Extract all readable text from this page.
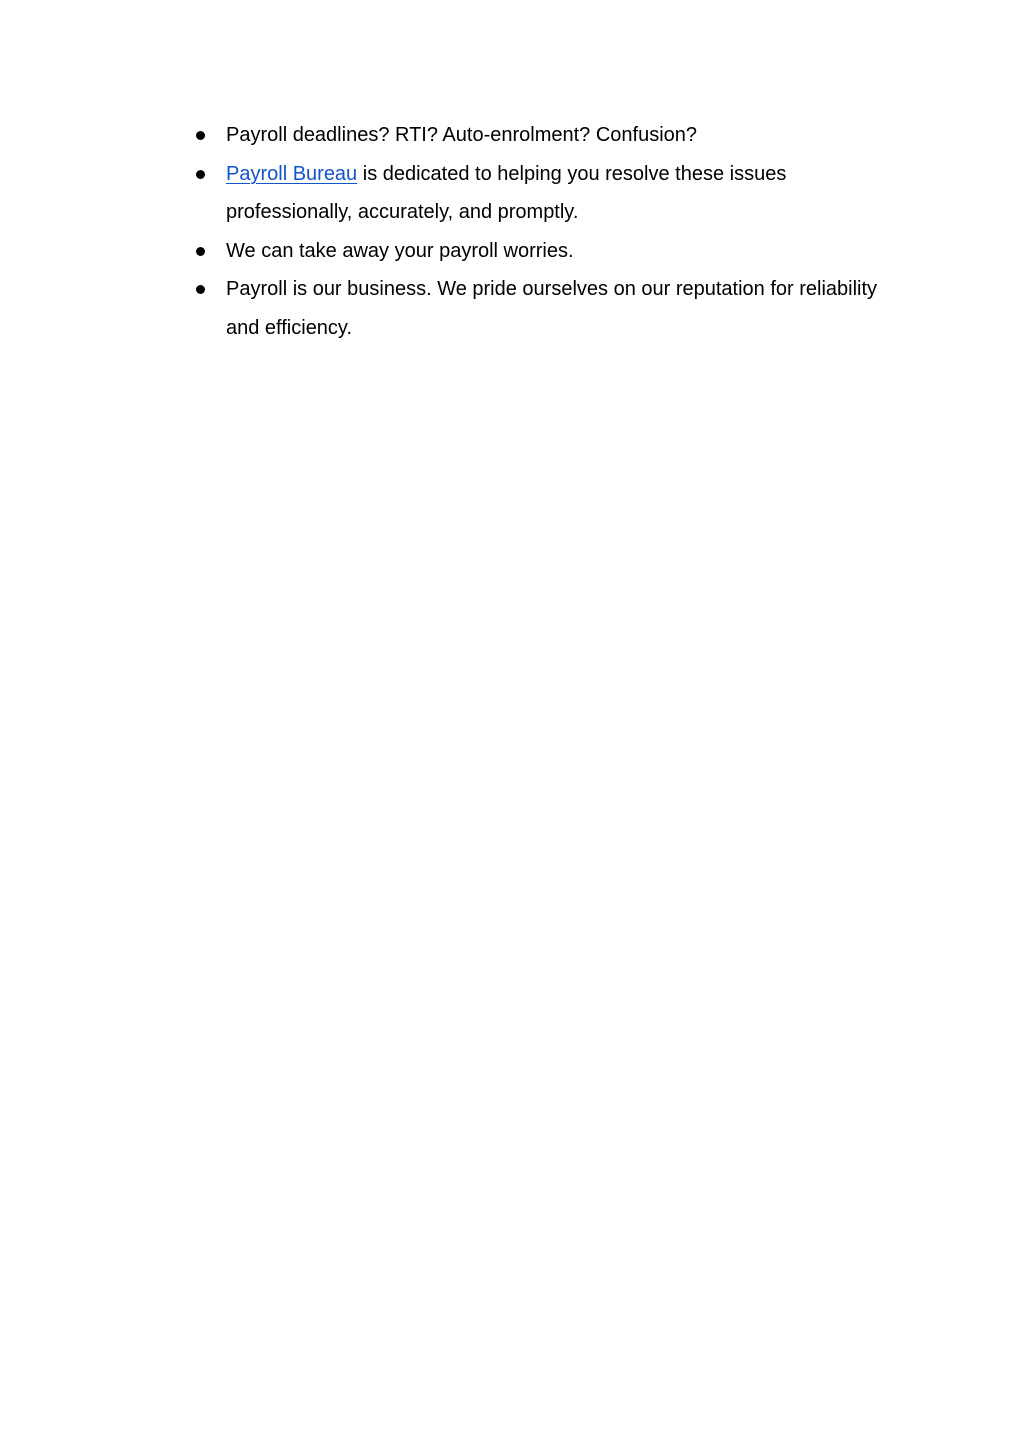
Payroll deadlines? RTI? Auto-enrolment? Confusion?
Payroll Bureau is dedicated to helping you resolve these issues professionally, accurately, and promptly.
We can take away your payroll worries.
Payroll is our business. We pride ourselves on our reputation for reliability and efficiency.
